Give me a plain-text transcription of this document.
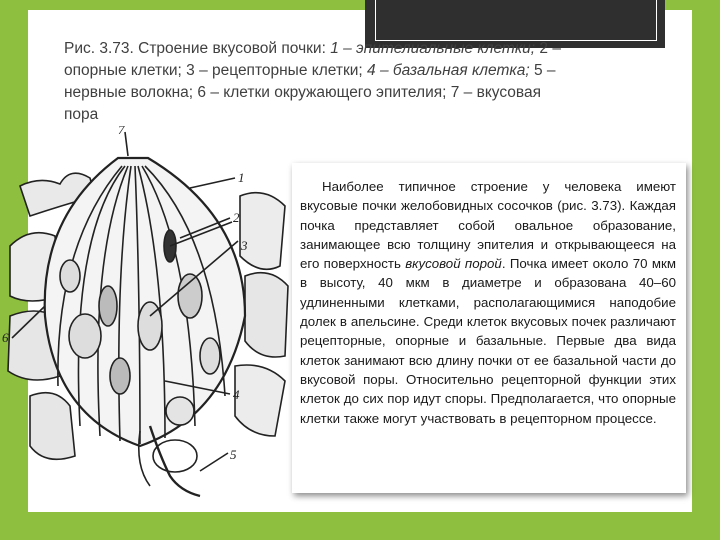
Рис. 3.73. Строение вкусовой почки: 1 – эпителиальные клетки; 2 – опорные клетки; 3 – рецепторные клетки; 4 – базальная клетка; 5 – нервные волокна; 6 – клетки окружающего эпителия; 7 – вкусовая пора
7
1
2
3
4
5
6
Наиболее типичное строение у человека имеют вкусовые почки желобовидных сосочков (рис. 3.73). Каждая почка представляет собой овальное образование, занимающее всю толщину эпителия и открывающееся на его поверхность вкусовой порой. Почка имеет около 70 мкм в высоту, 40 мкм в диаметре и образована 40–60 удлиненными клетками, располагающимися наподобие долек в апельсине. Среди клеток вкусовых почек различают рецепторные, опорные и базальные. Первые два вида клеток занимают всю длину почки от ее базальной части до вкусовой поры. Относительно рецепторной функции этих клеток до сих пор идут споры. Предполагается, что опорные клетки также могут участвовать в рецепторном процессе.
